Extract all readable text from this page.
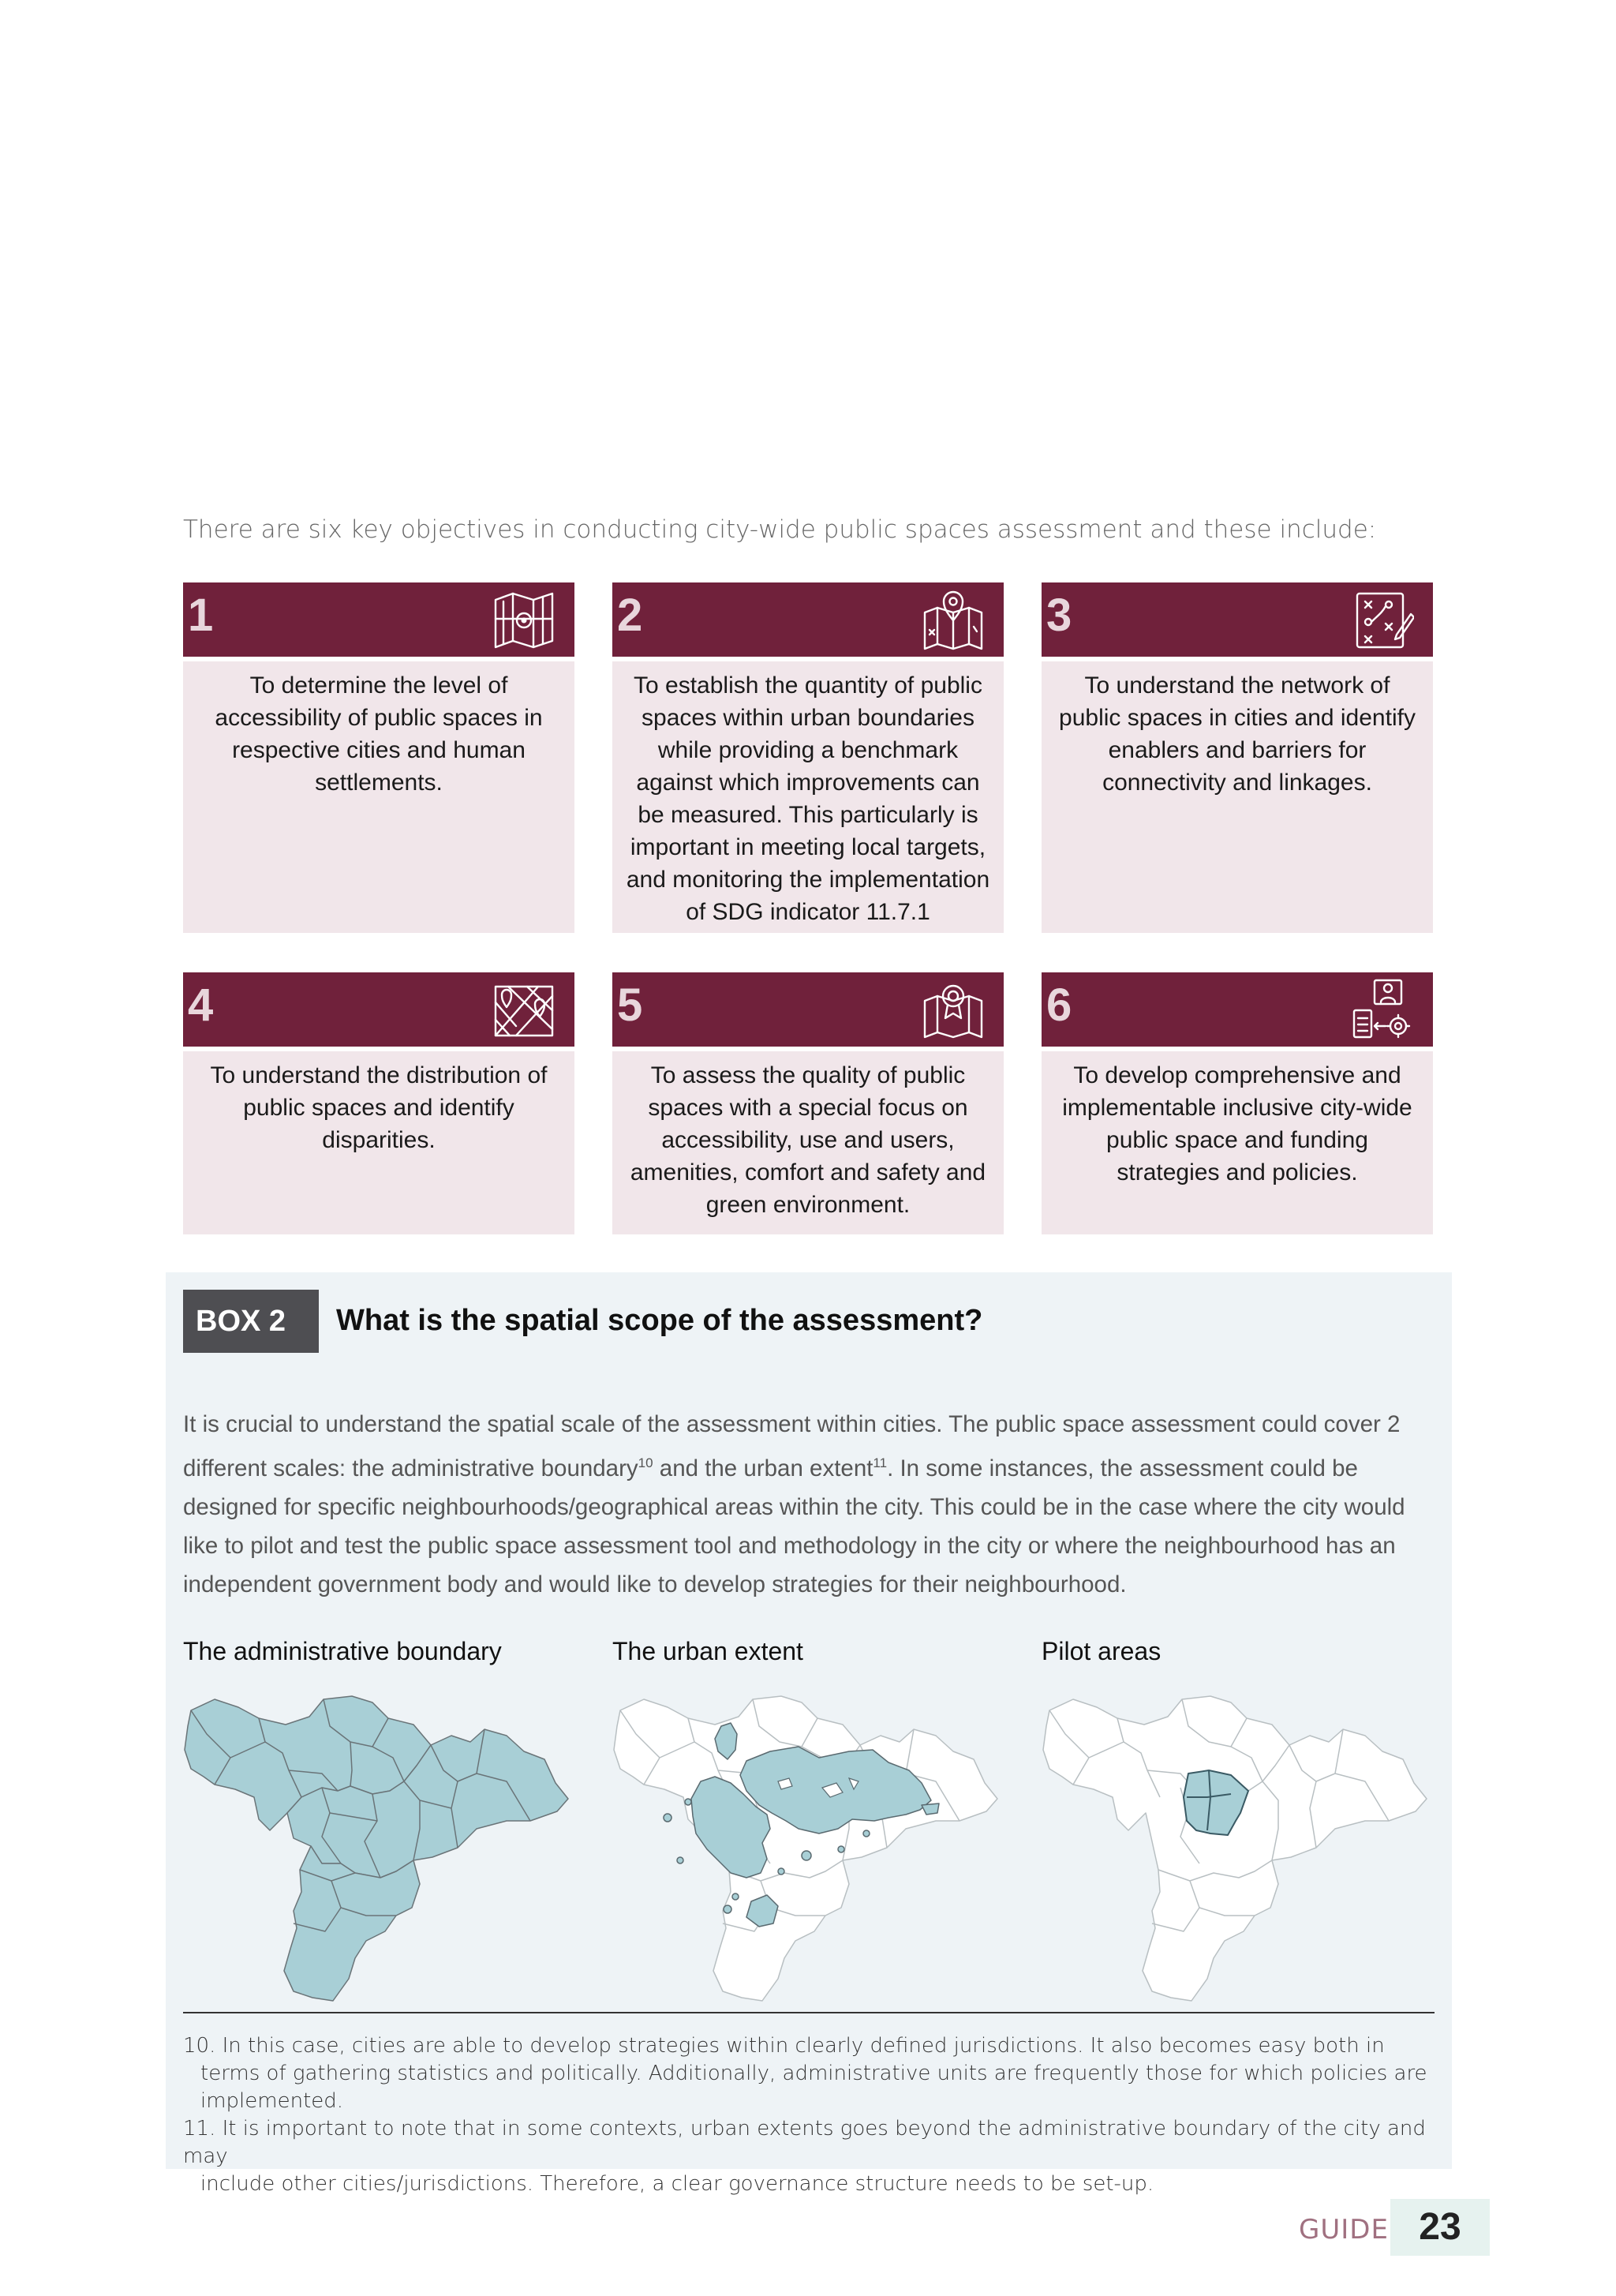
There are six key objectives in conducting city-wide public spaces assessment and these include:
1
To determine the level of accessibility of public spaces in respective cities and human settlements.
2
To establish the quantity of public spaces within urban boundaries while providing a benchmark against which improvements can be measured. This particularly is important in meeting local targets, and monitoring the implementation of SDG indicator 11.7.1
3
To understand the network of public spaces in cities and identify enablers and barriers for connectivity and linkages.
4
To understand the distribution of public spaces and identify disparities.
5
To assess the quality of public spaces with a special focus on accessibility, use and users, amenities, comfort and safety and green environment.
6
To develop comprehensive and implementable inclusive city-wide public space and funding strategies and policies.
BOX 2	What is the spatial scope of the assessment?
It is crucial to understand the spatial scale of the assessment within cities. The public space assessment could cover 2 different scales: the administrative boundary$^{10}$ and the urban extent$^{11}$. In some instances, the assessment could be designed for specific neighbourhoods/geographical areas within the city. This could be in the case where the city would like to pilot and test the public space assessment tool and methodology in the city or where the neighbourhood has an independent government body and would like to develop strategies for their neighbourhood.
The administrative boundary	The urban extent	Pilot areas
10. In this case, cities are able to develop strategies within clearly defined jurisdictions. It also becomes easy both in
terms of gathering statistics and politically. Additionally, administrative units are frequently those for which policies are implemented.
11. It is important to note that in some contexts, urban extents goes beyond the administrative boundary of the city and may
include other cities/jurisdictions. Therefore, a clear governance structure needs to be set-up.
GUIDE 23
